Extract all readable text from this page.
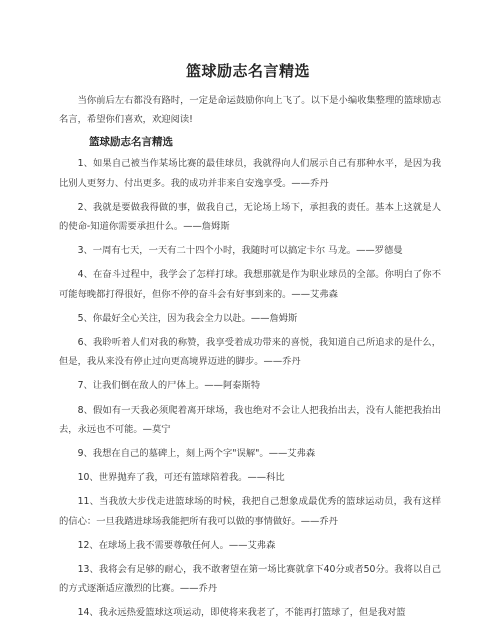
篮球励志名言精选

当你前后左右都没有路时，一定是命运鼓励你向上飞了。以下是小编收集整理的篮球励志名言，希望你们喜欢，欢迎阅读!

篮球励志名言精选

1、如果自己被当作某场比赛的最佳球员，我就得向人们展示自己有那种水平，是因为我比别人更努力、付出更多。我的成功并非来自安逸享受。——乔丹

2、我就是要做我得做的事，做我自己，无论场上场下，承担我的责任。基本上这就是人的使命-知道你需要承担什么。——詹姆斯

3、一周有七天，一天有二十四个小时，我随时可以搞定卡尔 马龙。——罗德曼

4、在奋斗过程中，我学会了怎样打球。我想那就是作为职业球员的全部。你明白了你不可能每晚都打得很好，但你不停的奋斗会有好事到来的。——艾弗森

5、你最好全心关注，因为我会全力以赴。——詹姆斯

6、我聆听着人们对我的称赞，我享受着成功带来的喜悦，我知道自己所追求的是什么，但是，我从来没有停止过向更高境界迈进的脚步。——乔丹

7、让我们倒在敌人的尸体上。——阿泰斯特

8、假如有一天我必须爬着离开球场，我也绝对不会让人把我抬出去，没有人能把我抬出去，永远也不可能。—莫宁

9、我想在自己的墓碑上，刻上两个字"误解"。——艾弗森

10、世界抛弃了我，可还有篮球陪着我。——科比

11、当我放大步伐走进篮球场的时候，我把自己想象成最优秀的篮球运动员，我有这样的信心：一旦我踏进球场我能把所有我可以做的事情做好。——乔丹

12、在球场上我不需要尊敬任何人。——艾弗森

13、我将会有足够的耐心，我不敢奢望在第一场比赛就拿下40分或者50分。我将以自己的方式逐渐适应激烈的比赛。——乔丹

14、我永远热爱篮球这项运动，即使将来我老了，不能再打篮球了，但是我对篮
